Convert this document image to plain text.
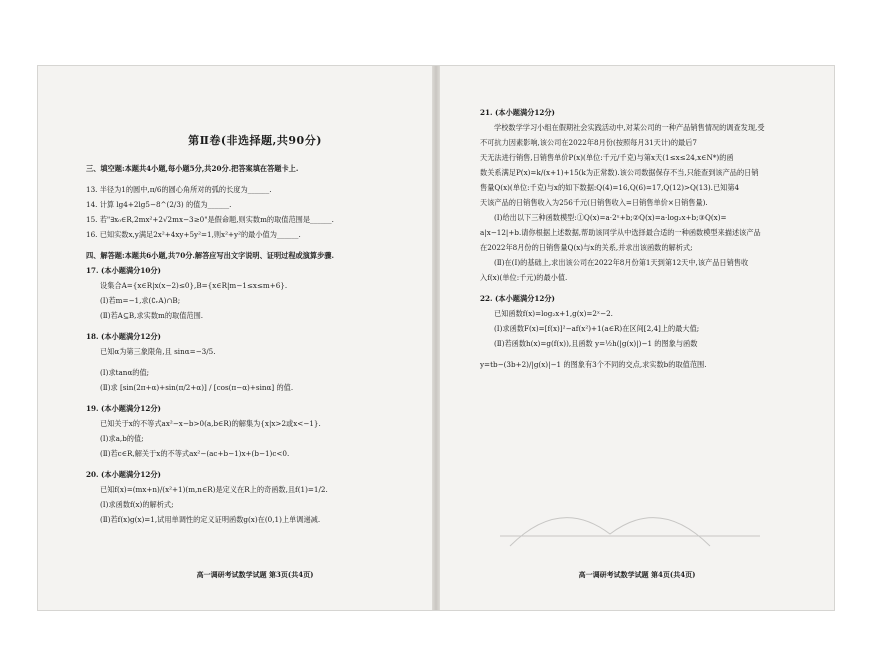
第Ⅱ卷(非选择题,共90分)
三、填空题:本题共4小题,每小题5分,共20分.把答案填在答题卡上.
13. 半径为1的圆中,π/6的圆心角所对的弧的长度为______.
14. 计算 lg4+2lg5−8^(2/3) 的值为______.
15. 若"∃x₀∈R,2mx²+2√2mx−3≥0"是假命题,则实数m的取值范围是______.
16. 已知实数x,y满足2x²+4xy+5y²=1,则x²+y²的最小值为______.
四、解答题:本题共6小题,共70分.解答应写出文字说明、证明过程或演算步骤.
17. (本小题满分10分)
设集合A={x∈R|x(x−2)≤0},B={x∈R|m−1≤x≤m+6}.
(Ⅰ)若m=−1,求(∁ᵣA)∩B;
(Ⅱ)若A⊆B,求实数m的取值范围.
18. (本小题满分12分)
已知α为第三象限角,且 sinα=−3/5.
(Ⅰ)求tanα的值;
(Ⅱ)求 [sin(2π+α)+sin(π/2+α)] / [cos(π−α)+sinα] 的值.
19. (本小题满分12分)
已知关于x的不等式ax²−x−b>0(a,b∈R)的解集为{x|x>2或x<−1}.
(Ⅰ)求a,b的值;
(Ⅱ)若c∈R,解关于x的不等式ax²−(ac+b−1)x+(b−1)c<0.
20. (本小题满分12分)
已知f(x)=(mx+n)/(x²+1)(m,n∈R)是定义在R上的奇函数,且f(1)=1/2.
(Ⅰ)求函数f(x)的解析式;
(Ⅱ)若f(x)g(x)=1,试用单调性的定义证明函数g(x)在(0,1)上单调递减.
高一调研考试数学试题 第3页(共4页)
21. (本小题满分12分)
学校数学学习小组在假期社会实践活动中,对某公司的一种产品销售情况的调查发现,受
不可抗力因素影响,该公司在2022年8月份(按照每月31天计)的最后7
天无法进行销售,日销售单价P(x)(单位:千元/千克)与第x天(1≤x≤24,x∈N*)的函
数关系满足P(x)=k/(x+1)+15(k为正常数).该公司数据保存不当,只能查到该产品的日销
售量Q(x)(单位:千克)与x的如下数据:Q(4)=16,Q(6)=17,Q(12)>Q(13).已知第4
天该产品的日销售收入为256千元(日销售收入=日销售单价×日销售量).
(Ⅰ)给出以下三种函数模型:①Q(x)=a·2ˣ+b;②Q(x)=a·log₂x+b;③Q(x)=
a|x−12|+b.请你根据上述数据,帮助该同学从中选择最合适的一种函数模型来描述该产品
在2022年8月份的日销售量Q(x)与x的关系,并求出该函数的解析式;
(Ⅱ)在(Ⅰ)的基础上,求出该公司在2022年8月份第1天到第12天中,该产品日销售收
入f(x)(单位:千元)的最小值.
22. (本小题满分12分)
已知函数f(x)=log₂x+1,g(x)=2ˣ−2.
(Ⅰ)求函数F(x)=[f(x)]²−af(x²)+1(a∈R)在区间[2,4]上的最大值;
(Ⅱ)若函数h(x)=g(f(x)),且函数 y=½h(|g(x)|)−1 的图象与函数
y=tb−(3b+2)/|g(x)|−1 的图象有3个不同的交点,求实数b的取值范围.
高一调研考试数学试题 第4页(共4页)
